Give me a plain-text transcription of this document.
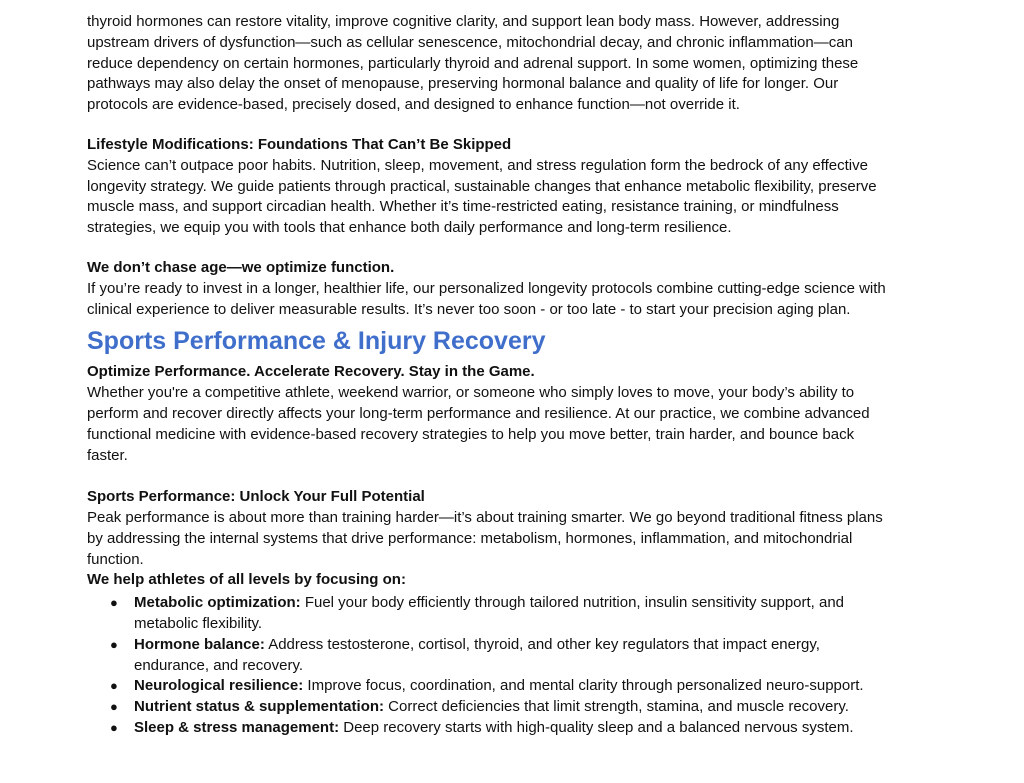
thyroid hormones can restore vitality, improve cognitive clarity, and support lean body mass. However, addressing
upstream drivers of dysfunction—such as cellular senescence, mitochondrial decay, and chronic inflammation—can
reduce dependency on certain hormones, particularly thyroid and adrenal support. In some women, optimizing these
pathways may also delay the onset of menopause, preserving hormonal balance and quality of life for longer. Our
protocols are evidence-based, precisely dosed, and designed to enhance function—not override it.

Lifestyle Modifications: Foundations That Can’t Be Skipped
Science can’t outpace poor habits. Nutrition, sleep, movement, and stress regulation form the bedrock of any effective
longevity strategy. We guide patients through practical, sustainable changes that enhance metabolic flexibility, preserve
muscle mass, and support circadian health. Whether it’s time-restricted eating, resistance training, or mindfulness
strategies, we equip you with tools that enhance both daily performance and long-term resilience.

We don’t chase age—we optimize function.
If you’re ready to invest in a longer, healthier life, our personalized longevity protocols combine cutting-edge science with
clinical experience to deliver measurable results. It’s never too soon - or too late - to start your precision aging plan.

Sports Performance & Injury Recovery

Optimize Performance. Accelerate Recovery. Stay in the Game.
Whether you're a competitive athlete, weekend warrior, or someone who simply loves to move, your body’s ability to
perform and recover directly affects your long-term performance and resilience. At our practice, we combine advanced
functional medicine with evidence-based recovery strategies to help you move better, train harder, and bounce back
faster.

Sports Performance: Unlock Your Full Potential
Peak performance is about more than training harder—it’s about training smarter. We go beyond traditional fitness plans
by addressing the internal systems that drive performance: metabolism, hormones, inflammation, and mitochondrial
function.
We help athletes of all levels by focusing on:

● Metabolic optimization: Fuel your body efficiently through tailored nutrition, insulin sensitivity support, and
metabolic flexibility.
● Hormone balance: Address testosterone, cortisol, thyroid, and other key regulators that impact energy,
endurance, and recovery.
● Neurological resilience: Improve focus, coordination, and mental clarity through personalized neuro-support.
● Nutrient status & supplementation: Correct deficiencies that limit strength, stamina, and muscle recovery.
● Sleep & stress management: Deep recovery starts with high-quality sleep and a balanced nervous system.
